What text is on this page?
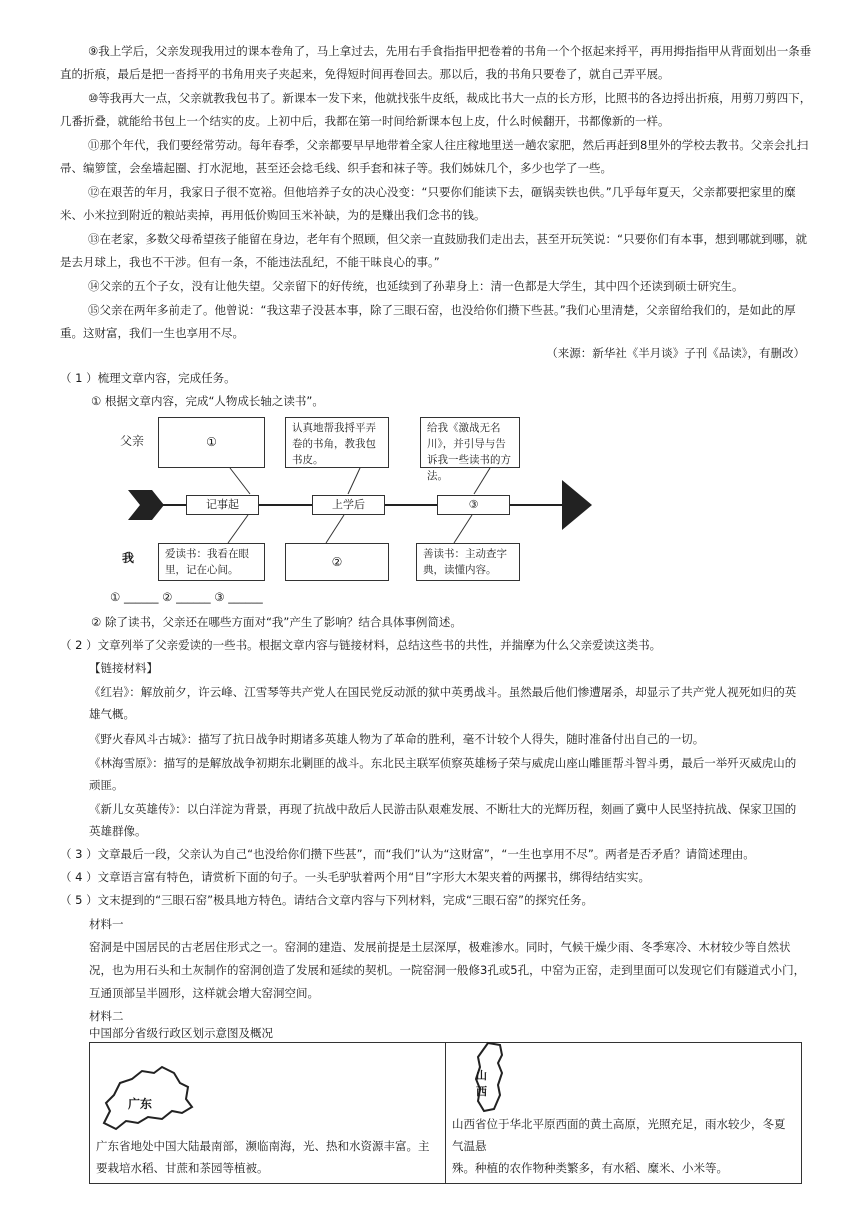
⑨我上学后，父亲发现我用过的课本卷角了，马上拿过去，先用右手食指指甲把卷着的书角一个个抠起来捋平，再用拇指指甲从背面划出一条垂
直的折痕，最后是把一沓捋平的书角用夹子夹起来，免得短时间再卷回去。那以后，我的书角只要卷了，就自己弄平展。
⑩等我再大一点，父亲就教我包书了。新课本一发下来，他就找张牛皮纸，裁成比书大一点的长方形，比照书的各边捋出折痕，用剪刀剪四下，
几番折叠，就能给书包上一个结实的皮。上初中后，我都在第一时间给新课本包上皮，什么时候翻开，书都像新的一样。
⑪那个年代，我们要经常劳动。每年春季，父亲都要早早地带着全家人往庄稼地里送一趟农家肥，然后再赶到8里外的学校去教书。父亲会扎扫
帚、编箩筐，会垒墙起圈、打水泥地，甚至还会捻毛线、织手套和袜子等。我们姊妹几个，多少也学了一些。
⑫在艰苦的年月，我家日子很不宽裕。但他培养子女的决心没变：“只要你们能读下去，砸锅卖铁也供。”几乎每年夏天，父亲都要把家里的糜
米、小米拉到附近的粮站卖掉，再用低价购回玉米补缺，为的是赚出我们念书的钱。
⑬在老家，多数父母希望孩子能留在身边，老年有个照顾，但父亲一直鼓励我们走出去，甚至开玩笑说：“只要你们有本事，想到哪就到哪，就
是去月球上，我也不干涉。但有一条，不能违法乱纪，不能干昧良心的事。”
⑭父亲的五个子女，没有让他失望。父亲留下的好传统，也延续到了孙辈身上：清一色都是大学生，其中四个还读到硕士研究生。
⑮父亲在两年多前走了。他曾说：“我这辈子没甚本事，除了三眼石窑，也没给你们攒下些甚。”我们心里清楚，父亲留给我们的，是如此的厚
重。这财富，我们一生也享用不尽。
（来源：新华社《半月谈》子刊《品读》，有删改）
（ 1 ）梳理文章内容，完成任务。
① 根据文章内容，完成“人物成长轴之读书”。
父亲
我
①
认真地帮我捋平弄卷的书角，教我包书皮。
给我《激战无名川》，并引导与告诉我一些读书的方法。
记事起	上学后	③
爱读书：我看在眼里，记在心间。
②
善读书：主动查字典，读懂内容。
① ______ ② ______ ③ ______
② 除了读书，父亲还在哪些方面对“我”产生了影响？结合具体事例简述。
（ 2 ）文章列举了父亲爱读的一些书。根据文章内容与链接材料，总结这些书的共性，并揣摩为什么父亲爱读这类书。
【链接材料】
《红岩》：解放前夕，许云峰、江雪琴等共产党人在国民党反动派的狱中英勇战斗。虽然最后他们惨遭屠杀，却显示了共产党人视死如归的英
雄气概。
《野火春风斗古城》：描写了抗日战争时期诸多英雄人物为了革命的胜利，毫不计较个人得失，随时准备付出自己的一切。
《林海雪原》：描写的是解放战争初期东北剿匪的战斗。东北民主联军侦察英雄杨子荣与威虎山座山雕匪帮斗智斗勇，最后一举歼灭威虎山的
顽匪。
《新儿女英雄传》：以白洋淀为背景，再现了抗战中敌后人民游击队艰难发展、不断壮大的光辉历程，刻画了冀中人民坚持抗战、保家卫国的
英雄群像。
（ 3 ）文章最后一段，父亲认为自己“也没给你们攒下些甚”，而“我们”认为“这财富”，“一生也享用不尽”。两者是否矛盾？请简述理由。
（ 4 ）文章语言富有特色，请赏析下面的句子。一头毛驴驮着两个用“目”字形大木架夹着的两摞书，绑得结结实实。
（ 5 ）文末提到的“三眼石窑”极具地方特色。请结合文章内容与下列材料，完成“三眼石窑”的探究任务。
材料一
窑洞是中国居民的古老居住形式之一。窑洞的建造、发展前提是土层深厚，极难渗水。同时，气候干燥少雨、冬季寒冷、木材较少等自然状
况，也为用石头和土灰制作的窑洞创造了发展和延续的契机。一院窑洞一般修3孔或5孔，中窑为正窑，走到里面可以发现它们有隧道式小门，
互通顶部呈半圆形，这样就会增大窑洞空间。
材料二
中国部分省级行政区划示意图及概况
广东
广东省地处中国大陆最南部，濒临南海，光、热和水资源丰富。主
要栽培水稻、甘蔗和茶园等植被。

山
西
山西省位于华北平原西面的黄土高原，光照充足，雨水较少，冬夏气温悬
殊。种植的农作物种类繁多，有水稻、糜米、小米等。
